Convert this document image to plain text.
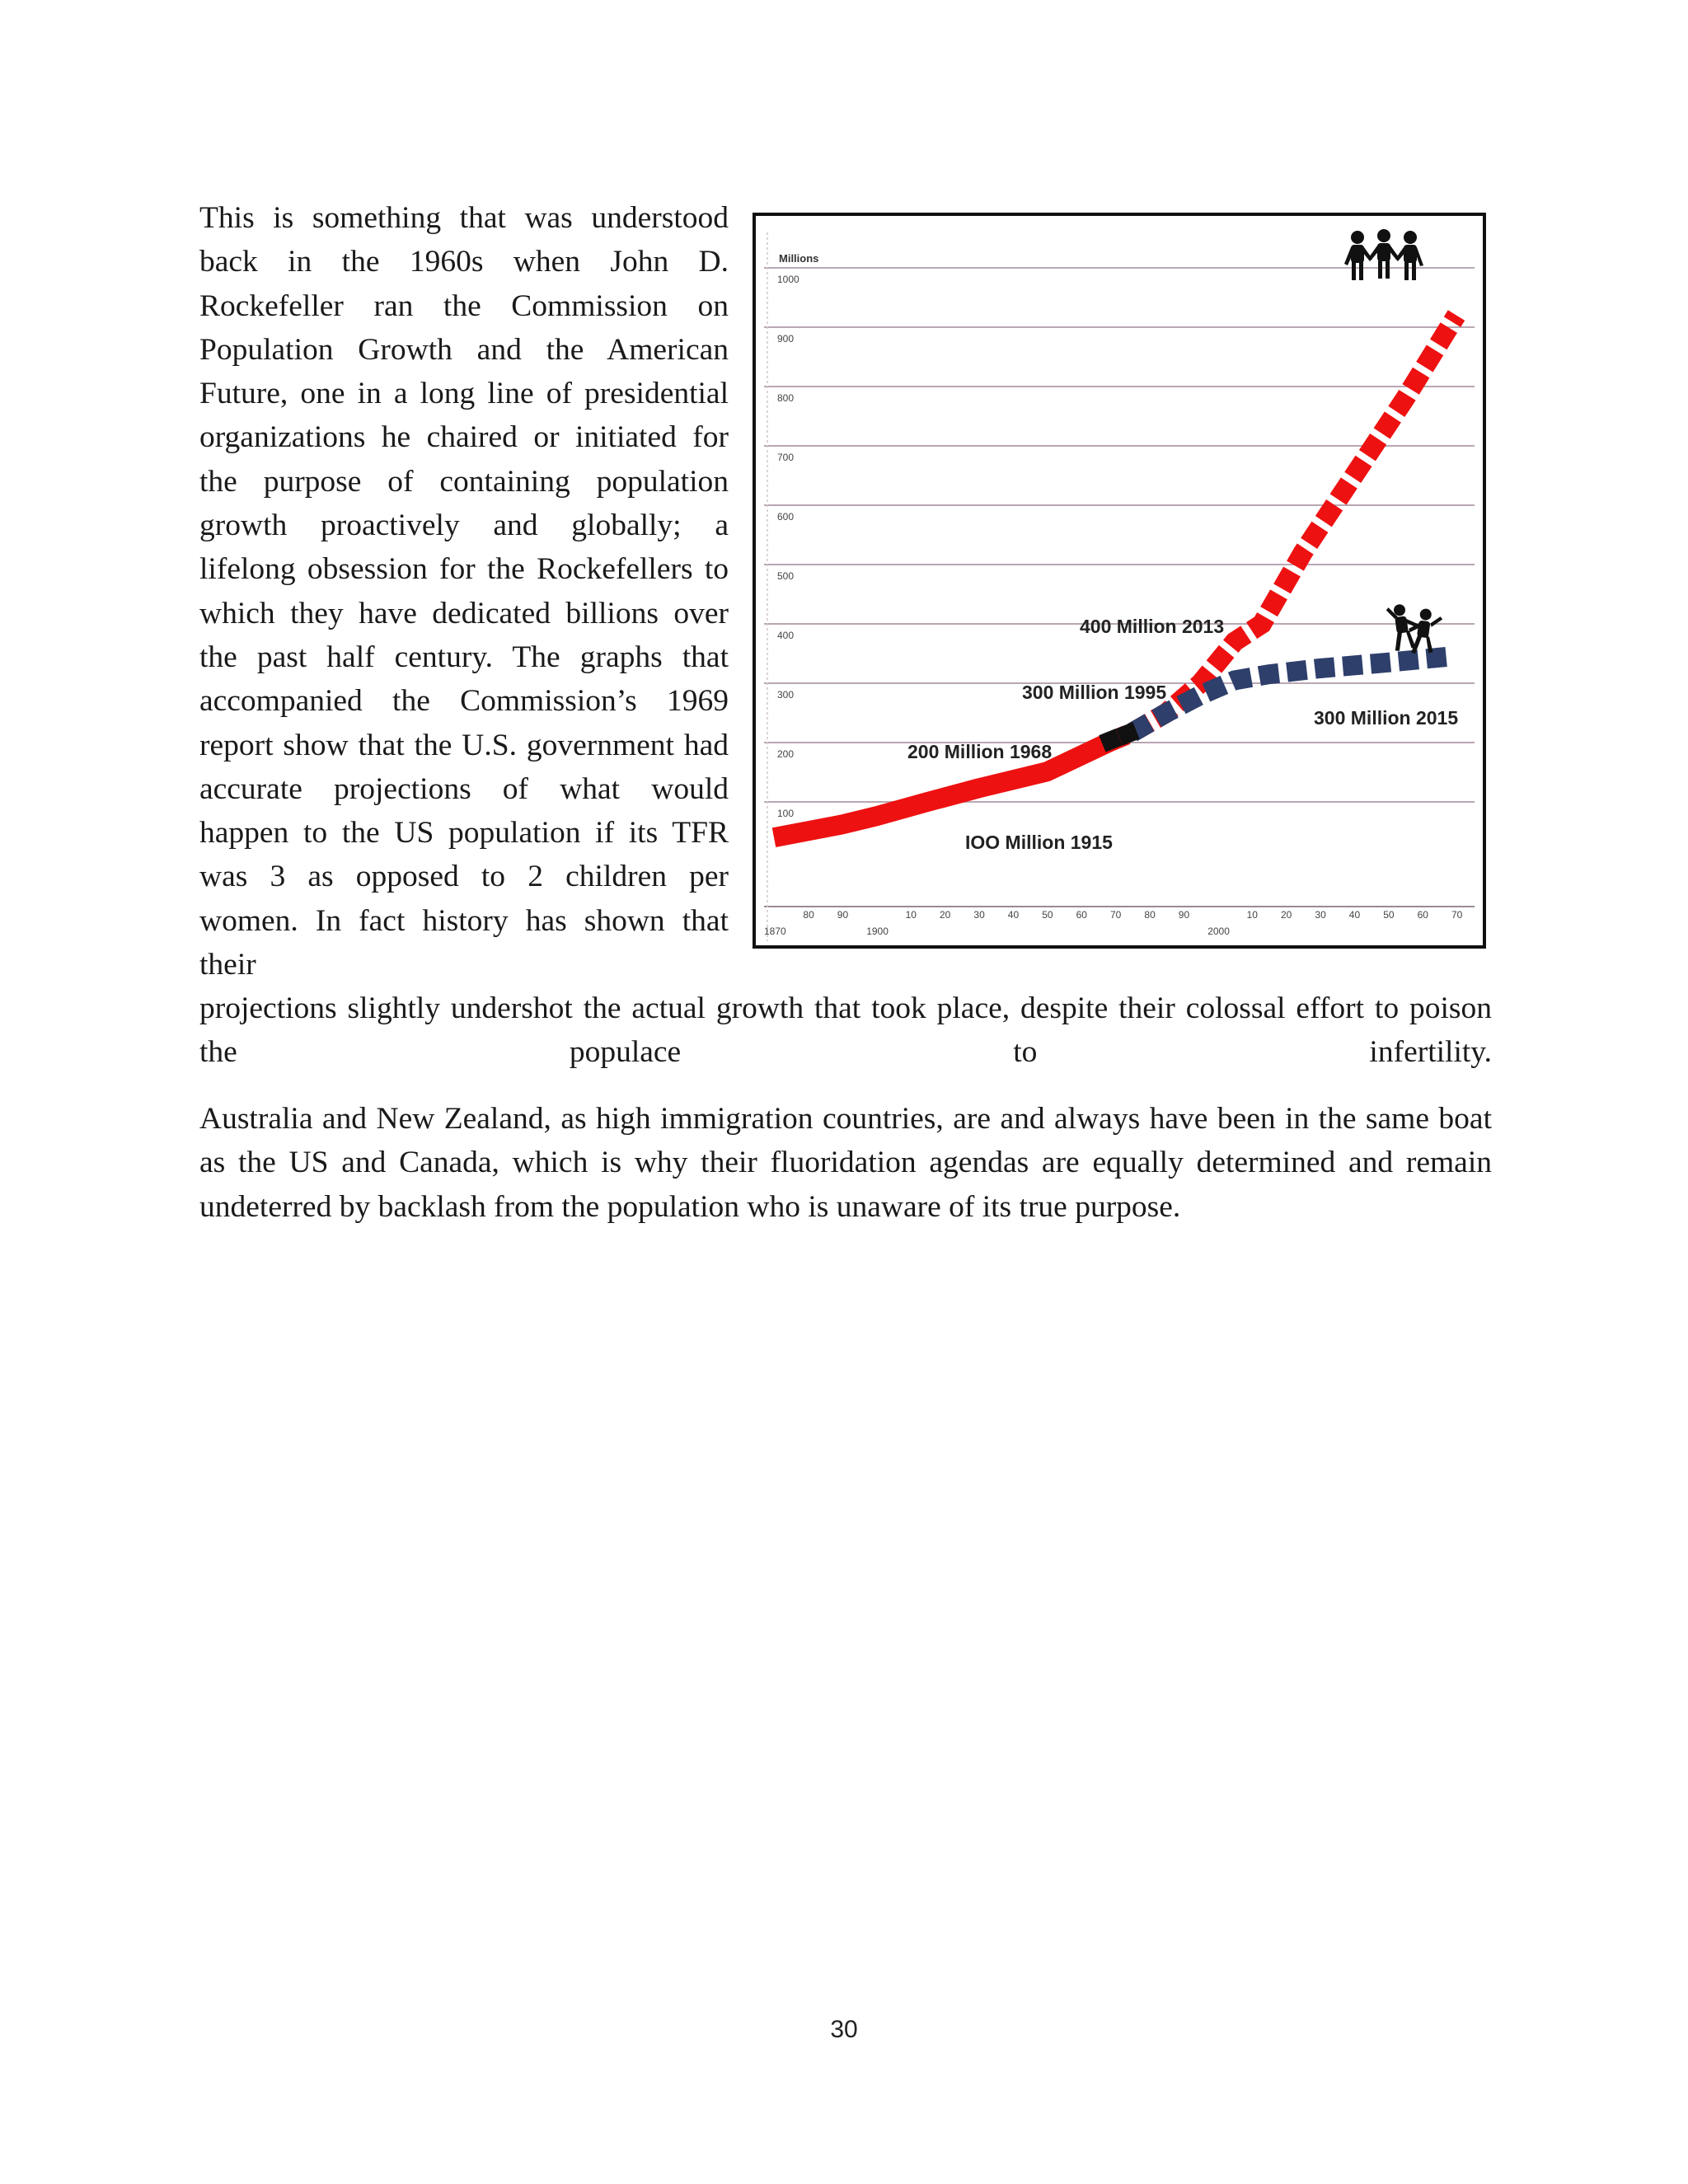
This is something that was understood back in the 1960s when John D. Rockefeller ran the Commission on Population Growth and the American Future, one in a long line of presidential organizations he chaired or initiated for the purpose of containing population growth proactively and globally; a lifelong obsession for the Rockefellers to which they have dedicated billions over the past half century. The graphs that accompanied the Commission’s 1969 report show that the U.S. government had accurate projections of what would happen to the US population if its TFR was 3 as opposed to 2 children per women. In fact history has shown that their

1000
900
800
700
600
500
400
300
200
100
Millions
80 90	10 20 30 40 50 60 70 80 90	10 20 30 40 50 60 70
1870	1900	2000
400 Million 2013
300 Million 1995
300 Million 2015
200 Million 1968
IOO Million 1915

projections slightly undershot the actual growth that took place, despite their colossal effort to poison the populace to infertility.

Australia and New Zealand, as high immigration countries, are and always have been in the same boat as the US and Canada, which is why their fluoridation agendas are equally determined and remain undeterred by backlash from the population who is unaware of its true purpose.

30
